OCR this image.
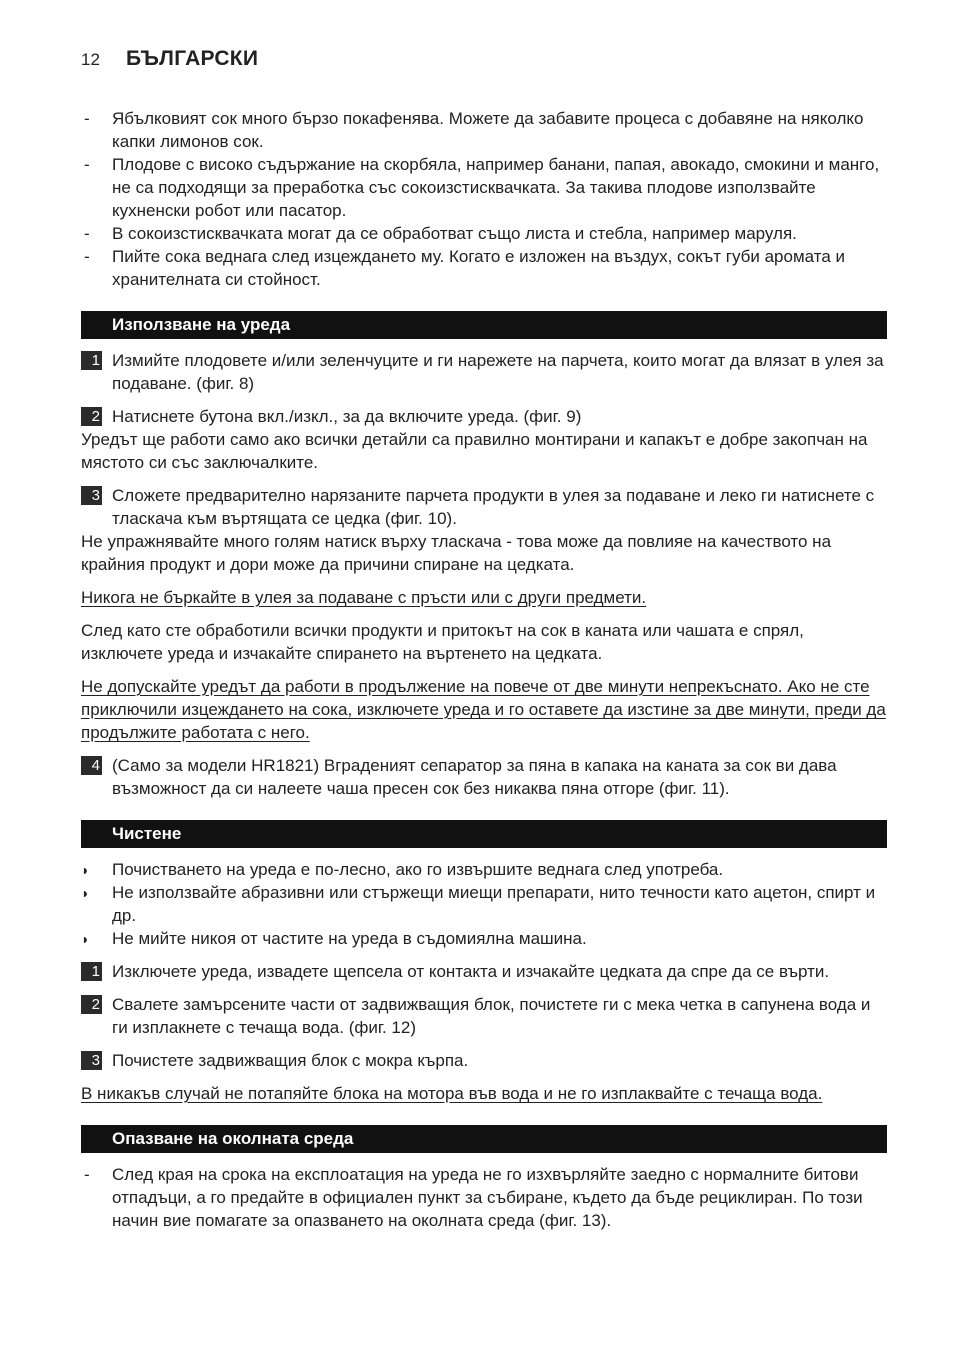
12 БЪЛГАРСКИ
- Ябълковият сок много бързо покафенява. Можете да забавите процеса с добавяне на няколко капки лимонов сок.
- Плодове с високо съдържание на скорбяла, например банани, папая, авокадо, смокини и манго, не са подходящи за преработка със сокоизстисквачката. За такива плодове използвайте кухненски робот или пасатор.
- В сокоизстисквачката могат да се обработват също листа и стебла, например маруля.
- Пийте сока веднага след изцеждането му. Когато е изложен на въздух, сокът губи аромата и хранителната си стойност.
Използване на уреда
1 Измийте плодовете и/или зеленчуците и ги нарежете на парчета, които могат да влязат в улея за подаване. (фиг. 8)
2 Натиснете бутона вкл./изкл., за да включите уреда. (фиг. 9)
Уредът ще работи само ако всички детайли са правилно монтирани и капакът е добре закопчан на мястото си със заключалките.
3 Сложете предварително нарязаните парчета продукти в улея за подаване и леко ги натиснете с тласкача към въртящата се цедка (фиг. 10).
Не упражнявайте много голям натиск върху тласкача - това може да повлияе на качеството на крайния продукт и дори може да причини спиране на цедката.
Никога не бъркайте в улея за подаване с пръсти или с други предмети.
След като сте обработили всички продукти и притокът на сок в каната или чашата е спрял, изключете уреда и изчакайте спирането на въртенето на цедката.
Не допускайте уредът да работи в продължение на повече от две минути непрекъснато. Ако не сте приключили изцеждането на сока, изключете уреда и го оставете да изстине за две минути, преди да продължите работата с него.
4 (Само за модели HR1821) Вграденият сепаратор за пяна в капака на каната за сок ви дава възможност да си налеете чаша пресен сок без никаква пяна отгоре (фиг. 11).
Чистене
◗ Почистването на уреда е по-лесно, ако го извършите веднага след употреба.
◗ Не използвайте абразивни или стържещи миещи препарати, нито течности като ацетон, спирт и др.
◗ Не мийте никоя от частите на уреда в съдомиялна машина.
1 Изключете уреда, извадете щепсела от контакта и изчакайте цедката да спре да се върти.
2 Свалете замърсените части от задвижващия блок, почистете ги с мека четка в сапунена вода и ги изплакнете с течаща вода. (фиг. 12)
3 Почистете задвижващия блок с мокра кърпа.
В никакъв случай не потапяйте блока на мотора във вода и не го изплаквайте с течаща вода.
Опазване на околната среда
- След края на срока на експлоатация на уреда не го изхвърляйте заедно с нормалните битови отпадъци, а го предайте в официален пункт за събиране, където да бъде рециклиран. По този начин вие помагате за опазването на околната среда (фиг. 13).
